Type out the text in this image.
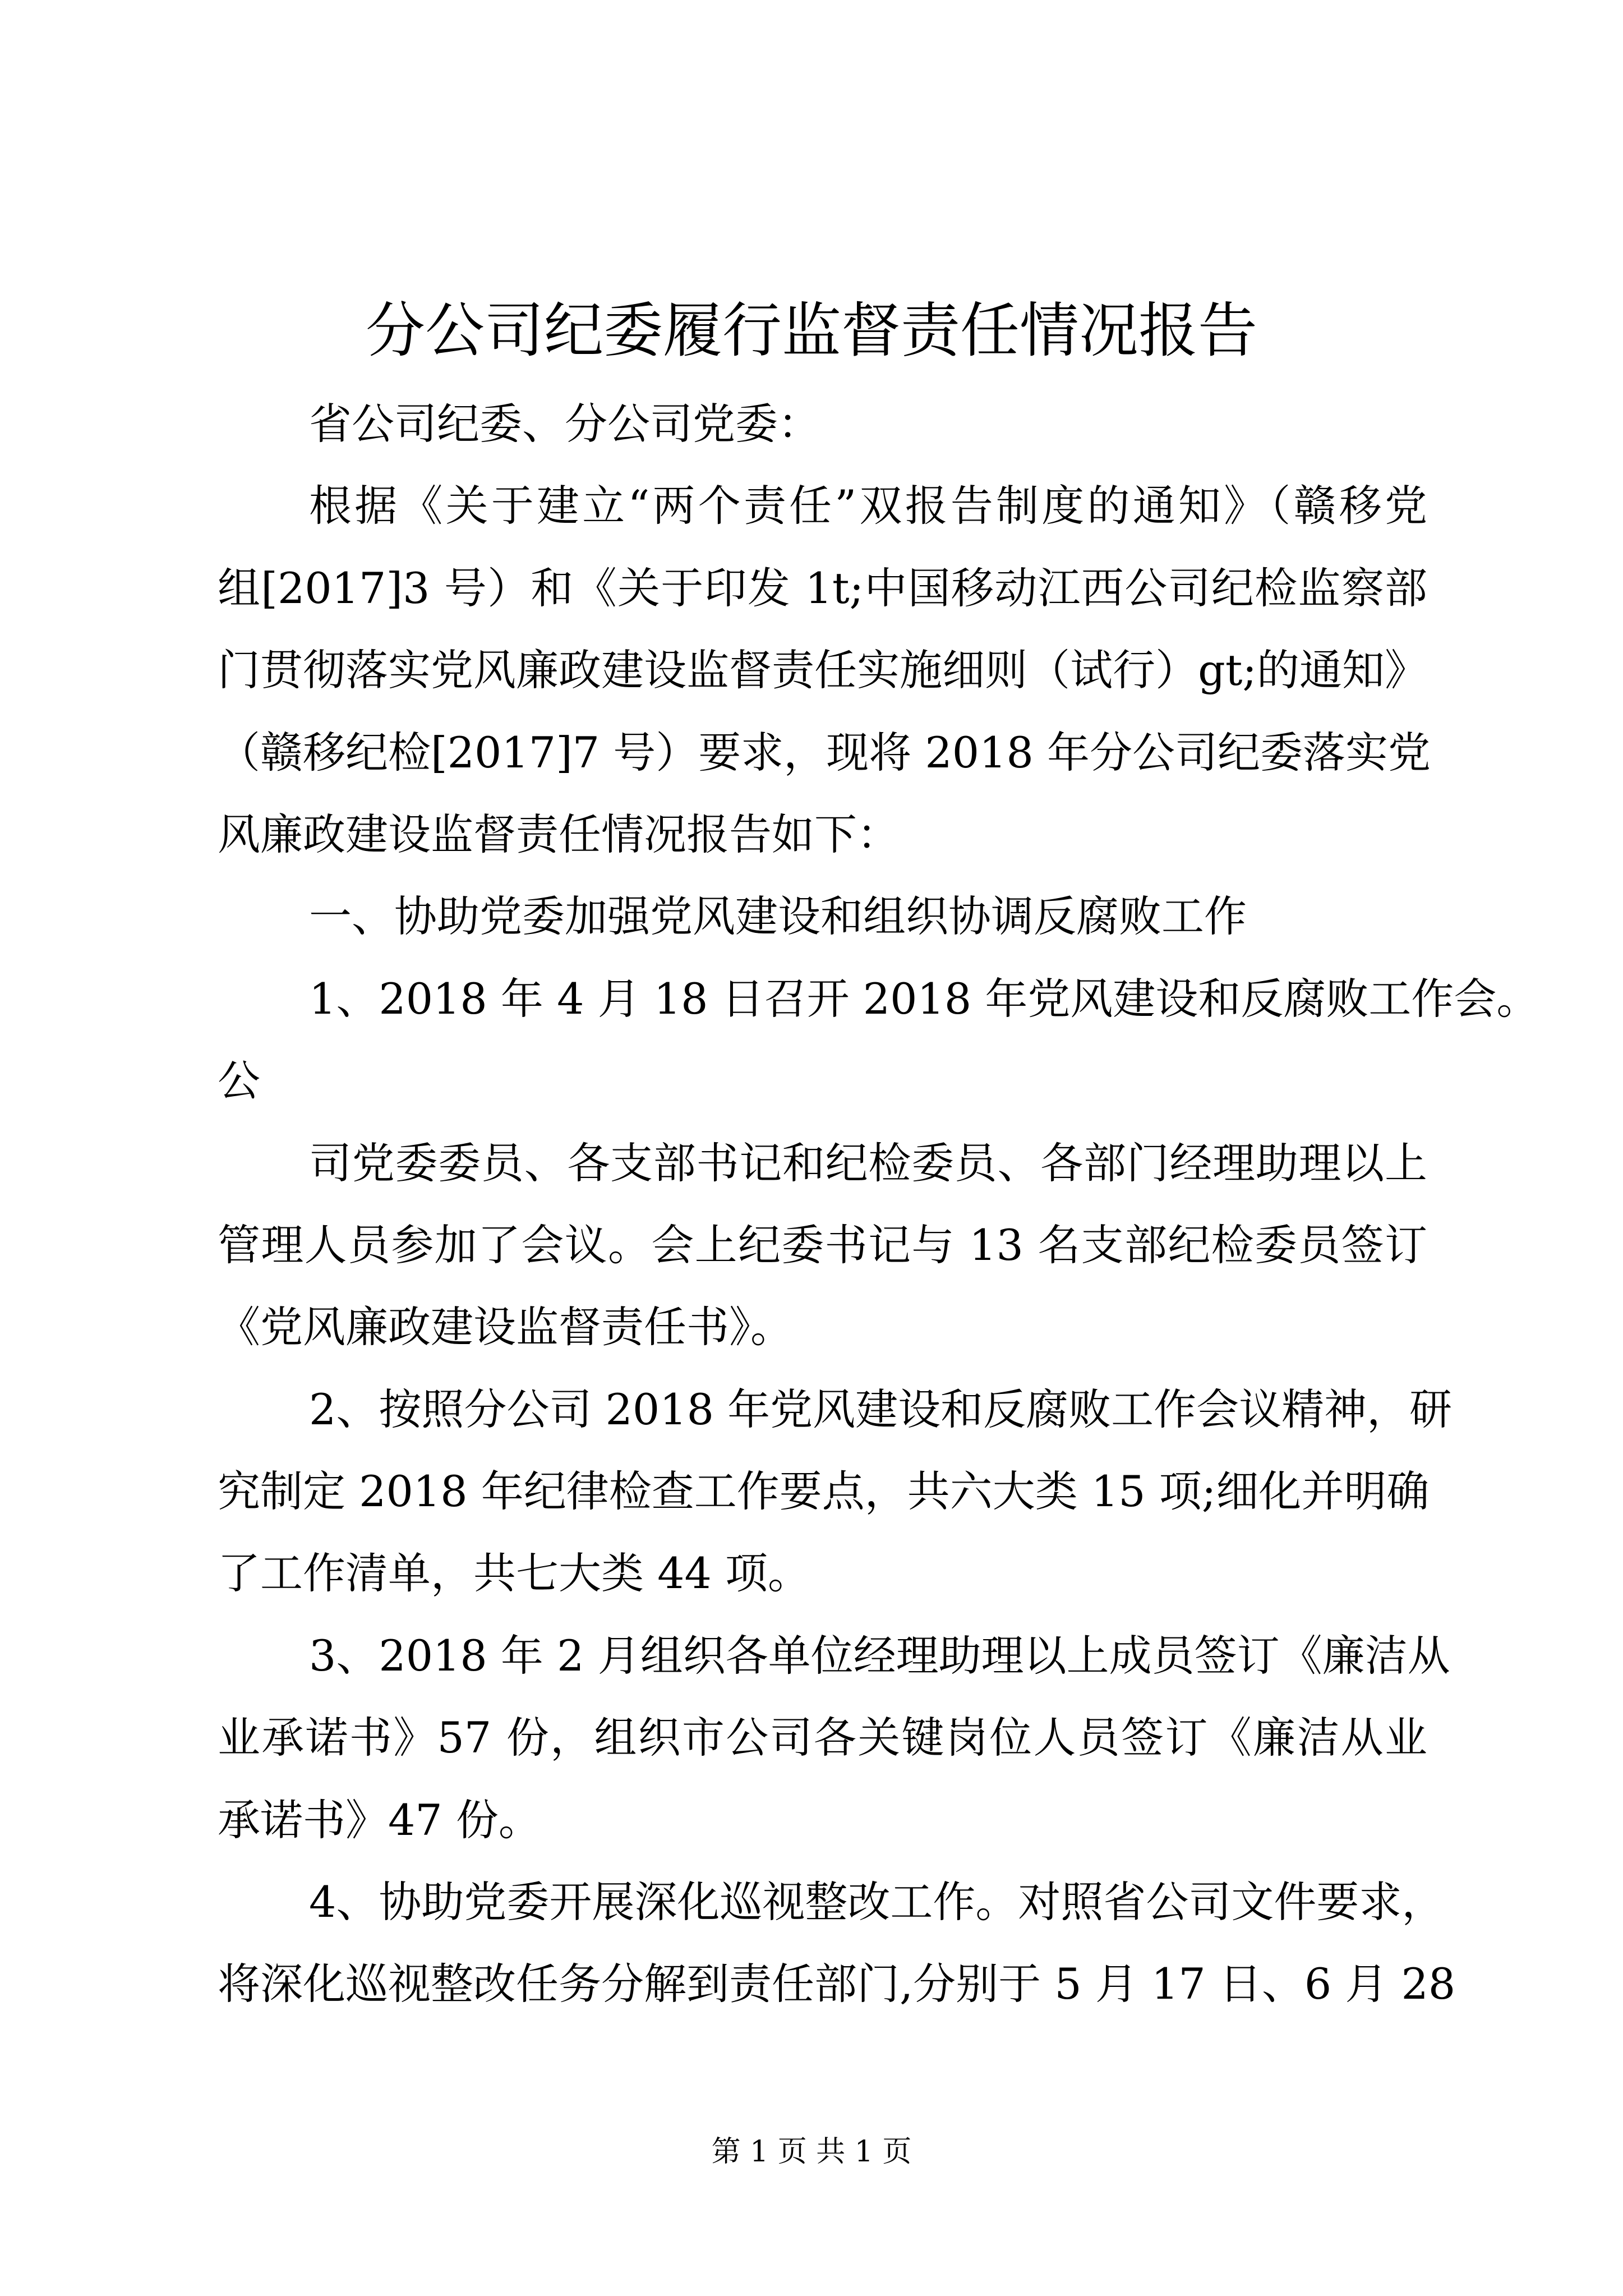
分公司纪委履行监督责任情况报告
省公司纪委、分公司党委：
根据《关于建立“两个责任”双报告制度的通知》（赣移党
组[2017]3 号）和《关于印发 1t;中国移动江西公司纪检监察部
门贯彻落实党风廉政建设监督责任实施细则（试行）gt;的通知》
（赣移纪检[2017]7 号）要求，现将 2018 年分公司纪委落实党
风廉政建设监督责任情况报告如下：
一、协助党委加强党风建设和组织协调反腐败工作
1、2018 年 4 月 18 日召开 2018 年党风建设和反腐败工作会。
公
司党委委员、各支部书记和纪检委员、各部门经理助理以上
管理人员参加了会议。会上纪委书记与 13 名支部纪检委员签订
《党风廉政建设监督责任书》。
2、按照分公司 2018 年党风建设和反腐败工作会议精神，研
究制定 2018 年纪律检查工作要点，共六大类 15 项;细化并明确
了工作清单，共七大类 44 项。
3、2018 年 2 月组织各单位经理助理以上成员签订《廉洁从
业承诺书》57 份，组织市公司各关键岗位人员签订《廉洁从业
承诺书》47 份。
4、协助党委开展深化巡视整改工作。对照省公司文件要求，
将深化巡视整改任务分解到责任部门,分别于 5 月 17 日、6 月 28
第 1 页 共 1 页
